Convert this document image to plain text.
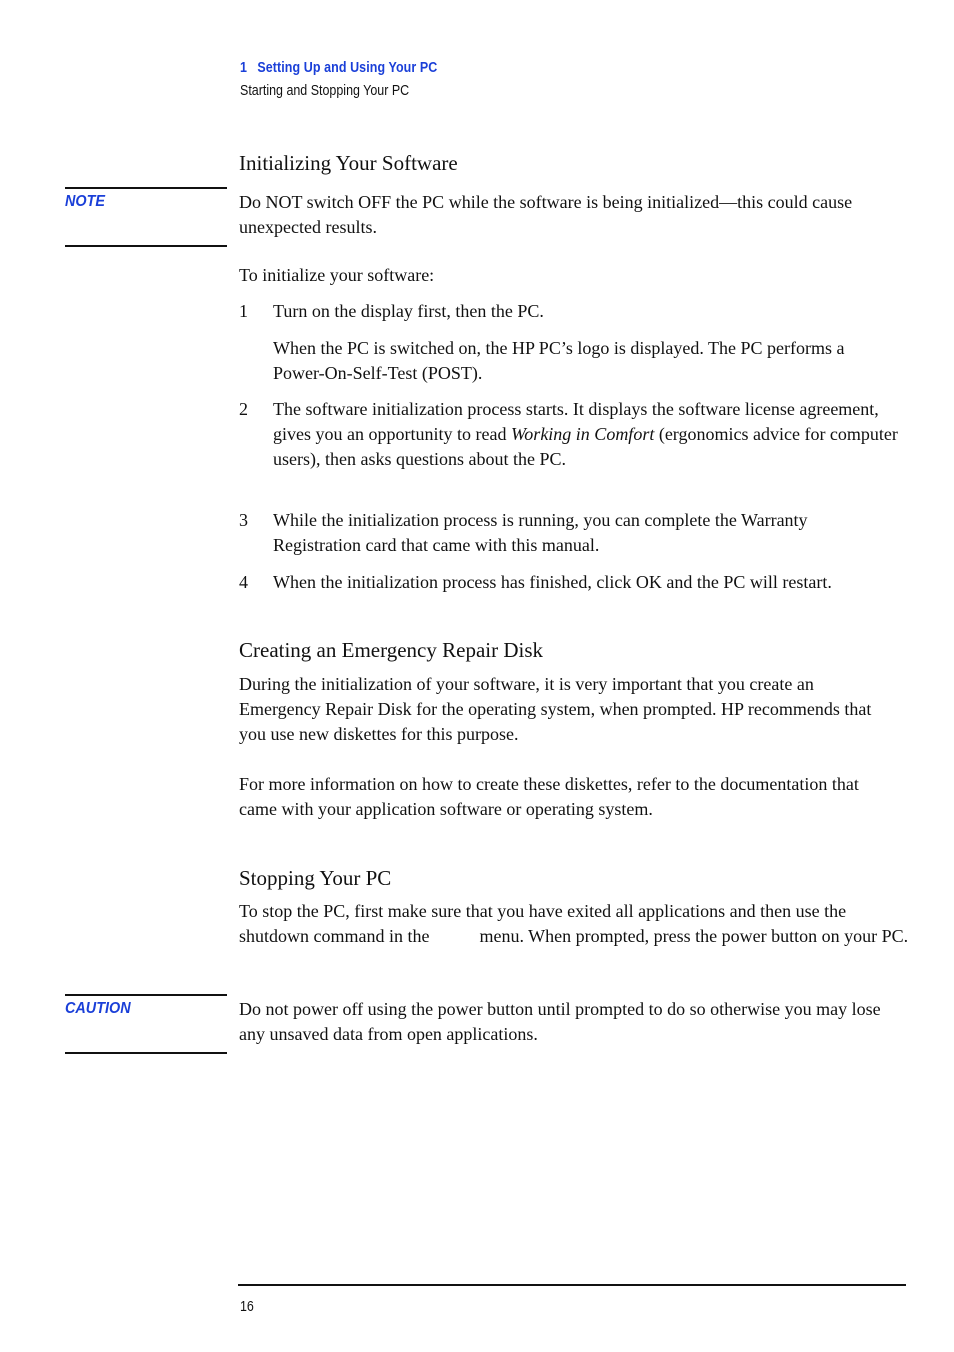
1 Setting Up and Using Your PC
Starting and Stopping Your PC
Initializing Your Software
NOTE	Do NOT switch OFF the PC while the software is being initialized—this could cause unexpected results.
To initialize your software:
1 Turn on the display first, then the PC.
When the PC is switched on, the HP PC’s logo is displayed. The PC performs a Power-On-Self-Test (POST).
2 The software initialization process starts. It displays the software license agreement, gives you an opportunity to read Working in Comfort (ergonomics advice for computer users), then asks questions about the PC.
3 While the initialization process is running, you can complete the Warranty Registration card that came with this manual.
4 When the initialization process has finished, click OK and the PC will restart.
Creating an Emergency Repair Disk
During the initialization of your software, it is very important that you create an Emergency Repair Disk for the operating system, when prompted. HP recommends that you use new diskettes for this purpose.
For more information on how to create these diskettes, refer to the documentation that came with your application software or operating system.
Stopping Your PC
To stop the PC, first make sure that you have exited all applications and then use the shutdown command in the	menu. When prompted, press the power button on your PC.
CAUTION	Do not power off using the power button until prompted to do so otherwise you may lose any unsaved data from open applications.
16
